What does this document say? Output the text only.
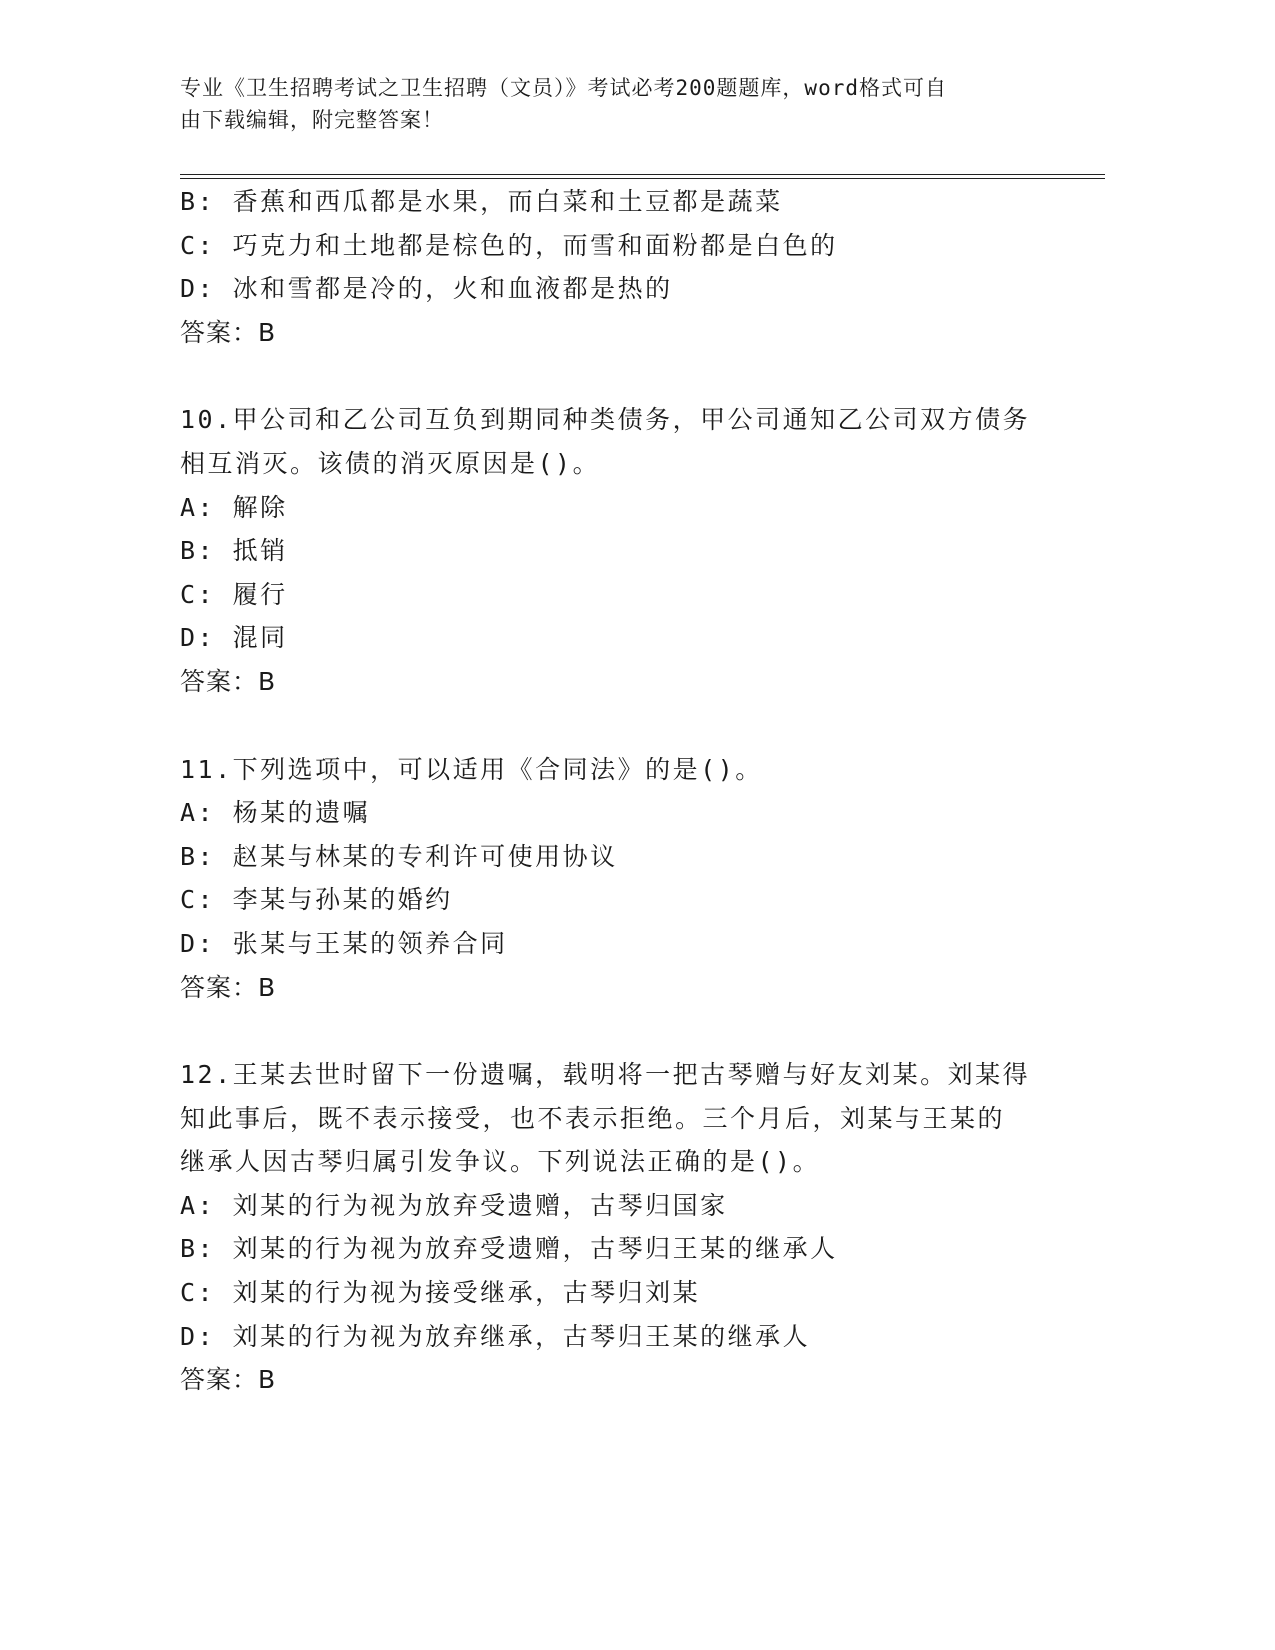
专业《卫生招聘考试之卫生招聘（文员）》考试必考200题题库，word格式可自
由下载编辑，附完整答案！
B: 香蕉和西瓜都是水果，而白菜和土豆都是蔬菜
C: 巧克力和土地都是棕色的，而雪和面粉都是白色的
D: 冰和雪都是冷的，火和血液都是热的
答案：B
10.甲公司和乙公司互负到期同种类债务，甲公司通知乙公司双方债务
相互消灭。该债的消灭原因是()。
A: 解除
B: 抵销
C: 履行
D: 混同
答案：B
11.下列选项中，可以适用《合同法》的是()。
A: 杨某的遗嘱
B: 赵某与林某的专利许可使用协议
C: 李某与孙某的婚约
D: 张某与王某的领养合同
答案：B
12.王某去世时留下一份遗嘱，载明将一把古琴赠与好友刘某。刘某得
知此事后，既不表示接受，也不表示拒绝。三个月后，刘某与王某的
继承人因古琴归属引发争议。下列说法正确的是()。
A: 刘某的行为视为放弃受遗赠，古琴归国家
B: 刘某的行为视为放弃受遗赠，古琴归王某的继承人
C: 刘某的行为视为接受继承，古琴归刘某
D: 刘某的行为视为放弃继承，古琴归王某的继承人
答案：B
